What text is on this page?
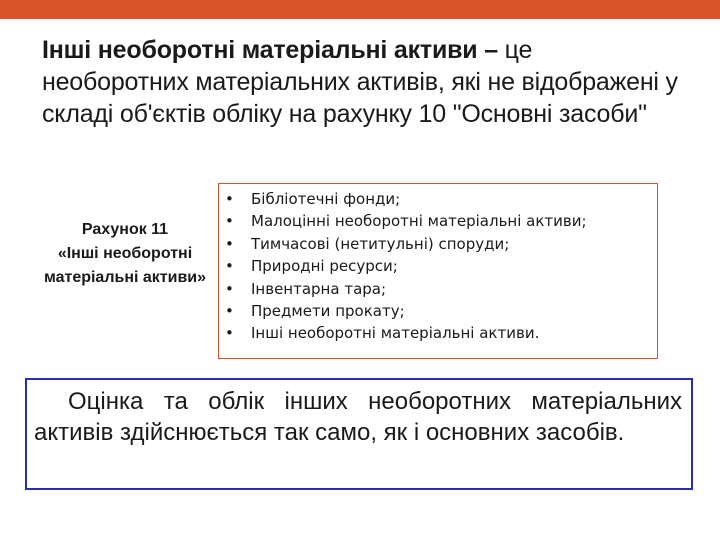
Інші необоротні матеріальні активи – це необоротних матеріальних активів, які не відображені у складі об'єктів обліку на рахунку 10 "Основні засоби"
Рахунок 11
«Інші необоротні матеріальні активи»
•	Бібліотечні фонди;
•	Малоцінні необоротні матеріальні активи;
•	Тимчасові (нетитульні) споруди;
•	Природні ресурси;
•	Інвентарна тара;
•	Предмети прокату;
•	Інші необоротні матеріальні активи.

Оцінка та облік інших необоротних матеріальних активів здійснюється так само, як і основних засобів.
